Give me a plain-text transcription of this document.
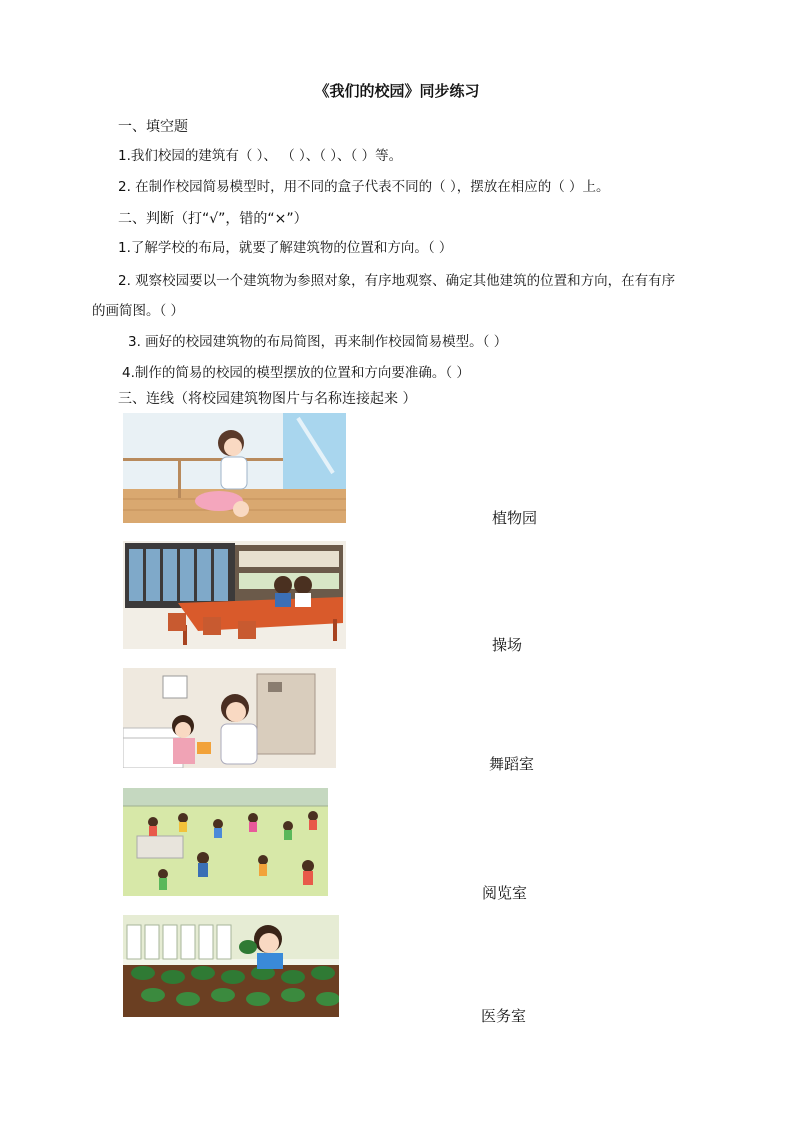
《我们的校园》同步练习
一、填空题
1.我们校园的建筑有（ ）、 （ ）、（ ）、（ ）等。
2. 在制作校园简易模型时，用不同的盒子代表不同的（ ），摆放在相应的（ ）上。
二、判断（打“√”，错的“×”）
1.了解学校的布局，就要了解建筑物的位置和方向。（ ）
2. 观察校园要以一个建筑物为参照对象，有序地观察、确定其他建筑的位置和方向，在有有序
的画简图。（ ）
3. 画好的校园建筑物的布局简图，再来制作校园简易模型。（ ）
4.制作的简易的校园的模型摆放的位置和方向要准确。（ ）
三、连线（将校园建筑物图片与名称连接起来 ）
植物园
操场
舞蹈室
阅览室
医务室
